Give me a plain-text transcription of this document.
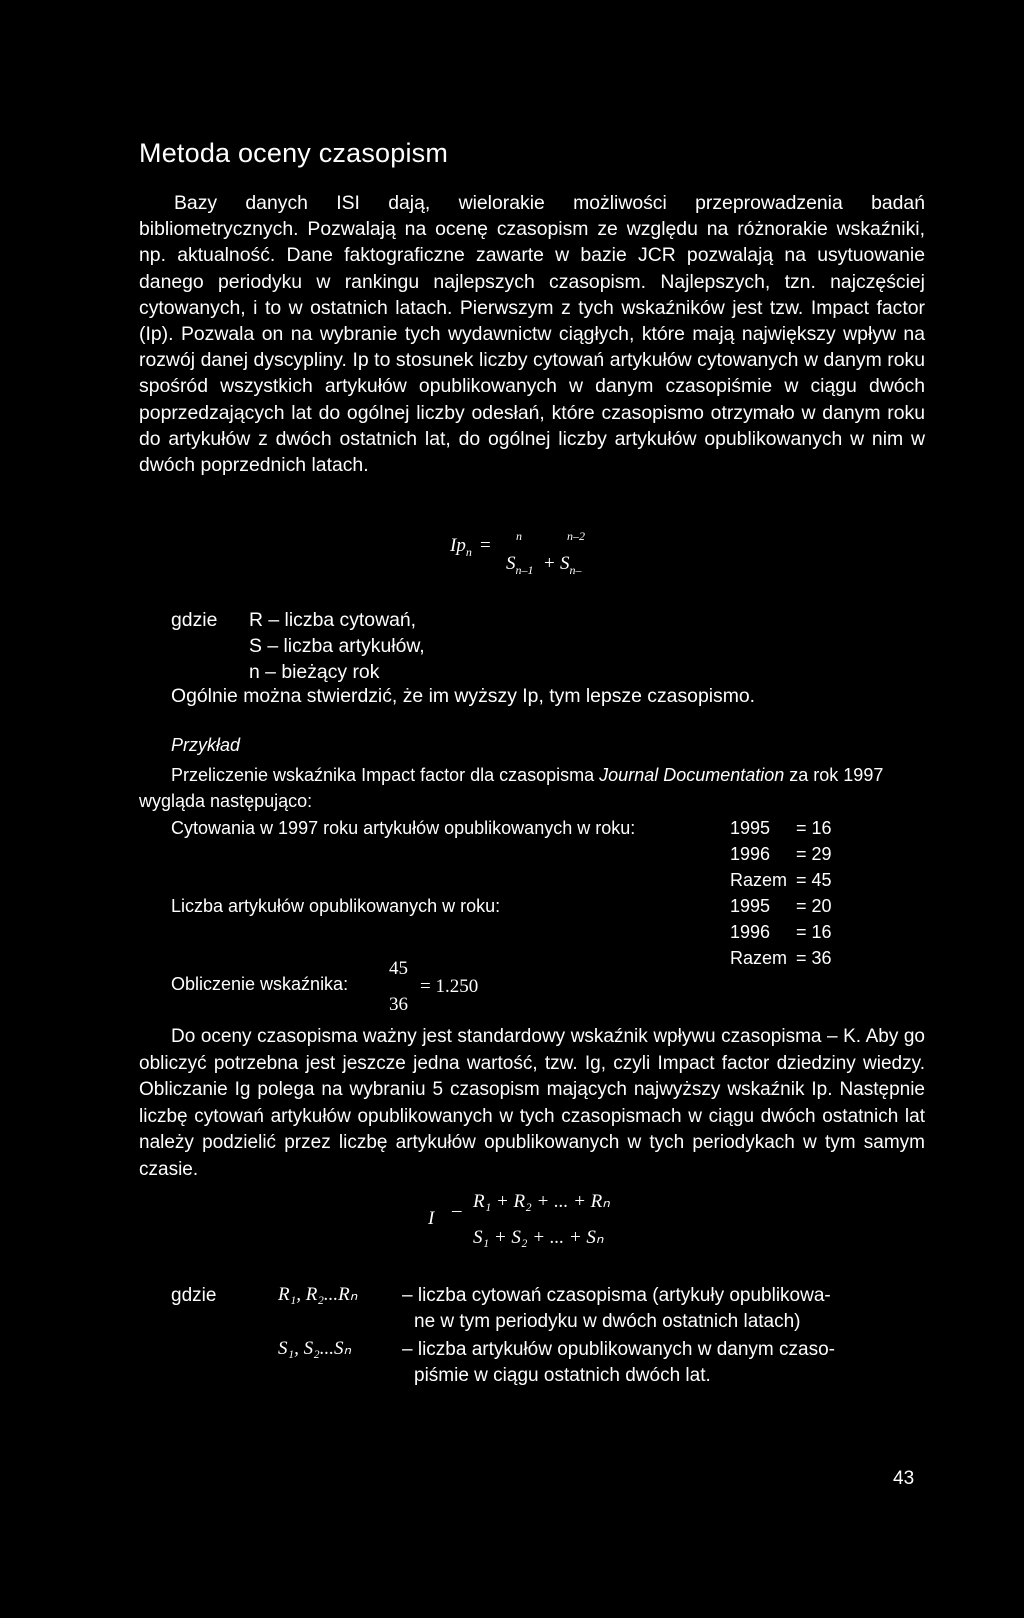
Metoda oceny czasopism

Bazy danych ISI dają, wielorakie możliwości przeprowadzenia badań bibliometrycznych. Pozwalają na ocenę czasopism ze względu na różnorakie wskaźniki, np. aktualność. Dane faktograficzne zawarte w bazie JCR pozwalają na usytuowanie danego periodyku w rankingu najlepszych czasopism. Najlepszych, tzn. najczęściej cytowanych, i to w ostatnich latach. Pierwszym z tych wskaźników jest tzw. Impact factor (Ip). Pozwala on na wybranie tych wydawnictw ciągłych, które mają największy wpływ na rozwój danej dyscypliny. Ip to stosunek liczby cytowań artykułów cytowanych w danym roku spośród wszystkich artykułów opublikowanych w danym czasopiśmie w ciągu dwóch poprzedzających lat do ogólnej liczby odesłań, które czasopismo otrzymało w danym roku do artykułów z dwóch ostatnich lat, do ogólnej liczby artykułów opublikowanych w nim w dwóch poprzednich latach.

$Ip_n = n$	n–2
$S_{n-1} + S_{n-}$
gdzie R – liczba cytowań,
S – liczba artykułów,
n – bieżący rok
Ogólnie można stwierdzić, że im wyższy Ip, tym lepsze czasopismo.
Przykład
Przeliczenie wskaźnika Impact factor dla czasopisma Journal Documentation za rok 1997 wygląda następująco:
Cytowania w 1997 roku artykułów opublikowanych w roku:	1995 = 16
1996 = 29
Razem = 45
Liczba artykułów opublikowanych w roku:	1995 = 20
1996 = 16
Razem = 36
Obliczenie wskaźnika:
45
36
= 1.250

Do oceny czasopisma ważny jest standardowy wskaźnik wpływu czasopisma – K. Aby go obliczyć potrzebna jest jeszcze jedna wartość, tzw. Ig, czyli Impact factor dziedziny wiedzy. Obliczanie Ig polega na wybraniu 5 czasopism mających najwyższy wskaźnik Ip. Następnie liczbę cytowań artykułów opublikowanych w tych czasopismach w ciągu dwóch ostatnich lat należy podzielić przez liczbę artykułów opublikowanych w tych periodykach w tym samym czasie.

I – R₁ + R₂ + ... + Rₙ
S₁ + S₂ + ... + Sₙ
gdzie	R₁, R₂...Rₙ – liczba cytowań czasopisma (artykuły opublikowa-
ne w tym periodyku w dwóch ostatnich latach)
S₁, S₂...Sₙ	– liczba artykułów opublikowanych w danym czaso-
piśmie w ciągu ostatnich dwóch lat.
43
